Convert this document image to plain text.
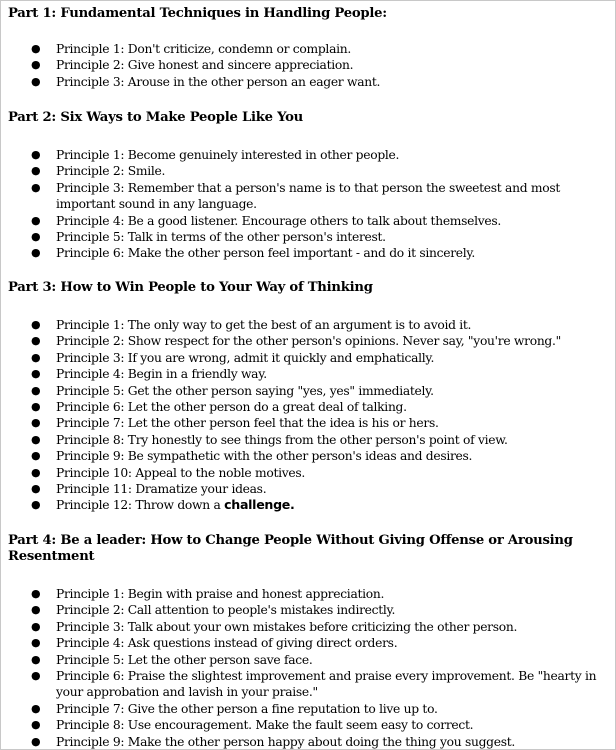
Part 1: Fundamental Techniques in Handling People:
● Principle 1: Don't criticize, condemn or complain.
● Principle 2: Give honest and sincere appreciation.
● Principle 3: Arouse in the other person an eager want.
Part 2: Six Ways to Make People Like You
● Principle 1: Become genuinely interested in other people.
● Principle 2: Smile.
● Principle 3: Remember that a person's name is to that person the sweetest and most important sound in any language.
● Principle 4: Be a good listener. Encourage others to talk about themselves.
● Principle 5: Talk in terms of the other person's interest.
● Principle 6: Make the other person feel important - and do it sincerely.
Part 3: How to Win People to Your Way of Thinking
● Principle 1: The only way to get the best of an argument is to avoid it.
● Principle 2: Show respect for the other person's opinions. Never say, "you're wrong."
● Principle 3: If you are wrong, admit it quickly and emphatically.
● Principle 4: Begin in a friendly way.
● Principle 5: Get the other person saying "yes, yes" immediately.
● Principle 6: Let the other person do a great deal of talking.
● Principle 7: Let the other person feel that the idea is his or hers.
● Principle 8: Try honestly to see things from the other person's point of view.
● Principle 9: Be sympathetic with the other person's ideas and desires.
● Principle 10: Appeal to the noble motives.
● Principle 11: Dramatize your ideas.
● Principle 12: Throw down a challenge.
Part 4: Be a leader: How to Change People Without Giving Offense or Arousing Resentment
● Principle 1: Begin with praise and honest appreciation.
● Principle 2: Call attention to people's mistakes indirectly.
● Principle 3: Talk about your own mistakes before criticizing the other person.
● Principle 4: Ask questions instead of giving direct orders.
● Principle 5: Let the other person save face.
● Principle 6: Praise the slightest improvement and praise every improvement. Be "hearty in your approbation and lavish in your praise."
● Principle 7: Give the other person a fine reputation to live up to.
● Principle 8: Use encouragement. Make the fault seem easy to correct.
● Principle 9: Make the other person happy about doing the thing you suggest.
